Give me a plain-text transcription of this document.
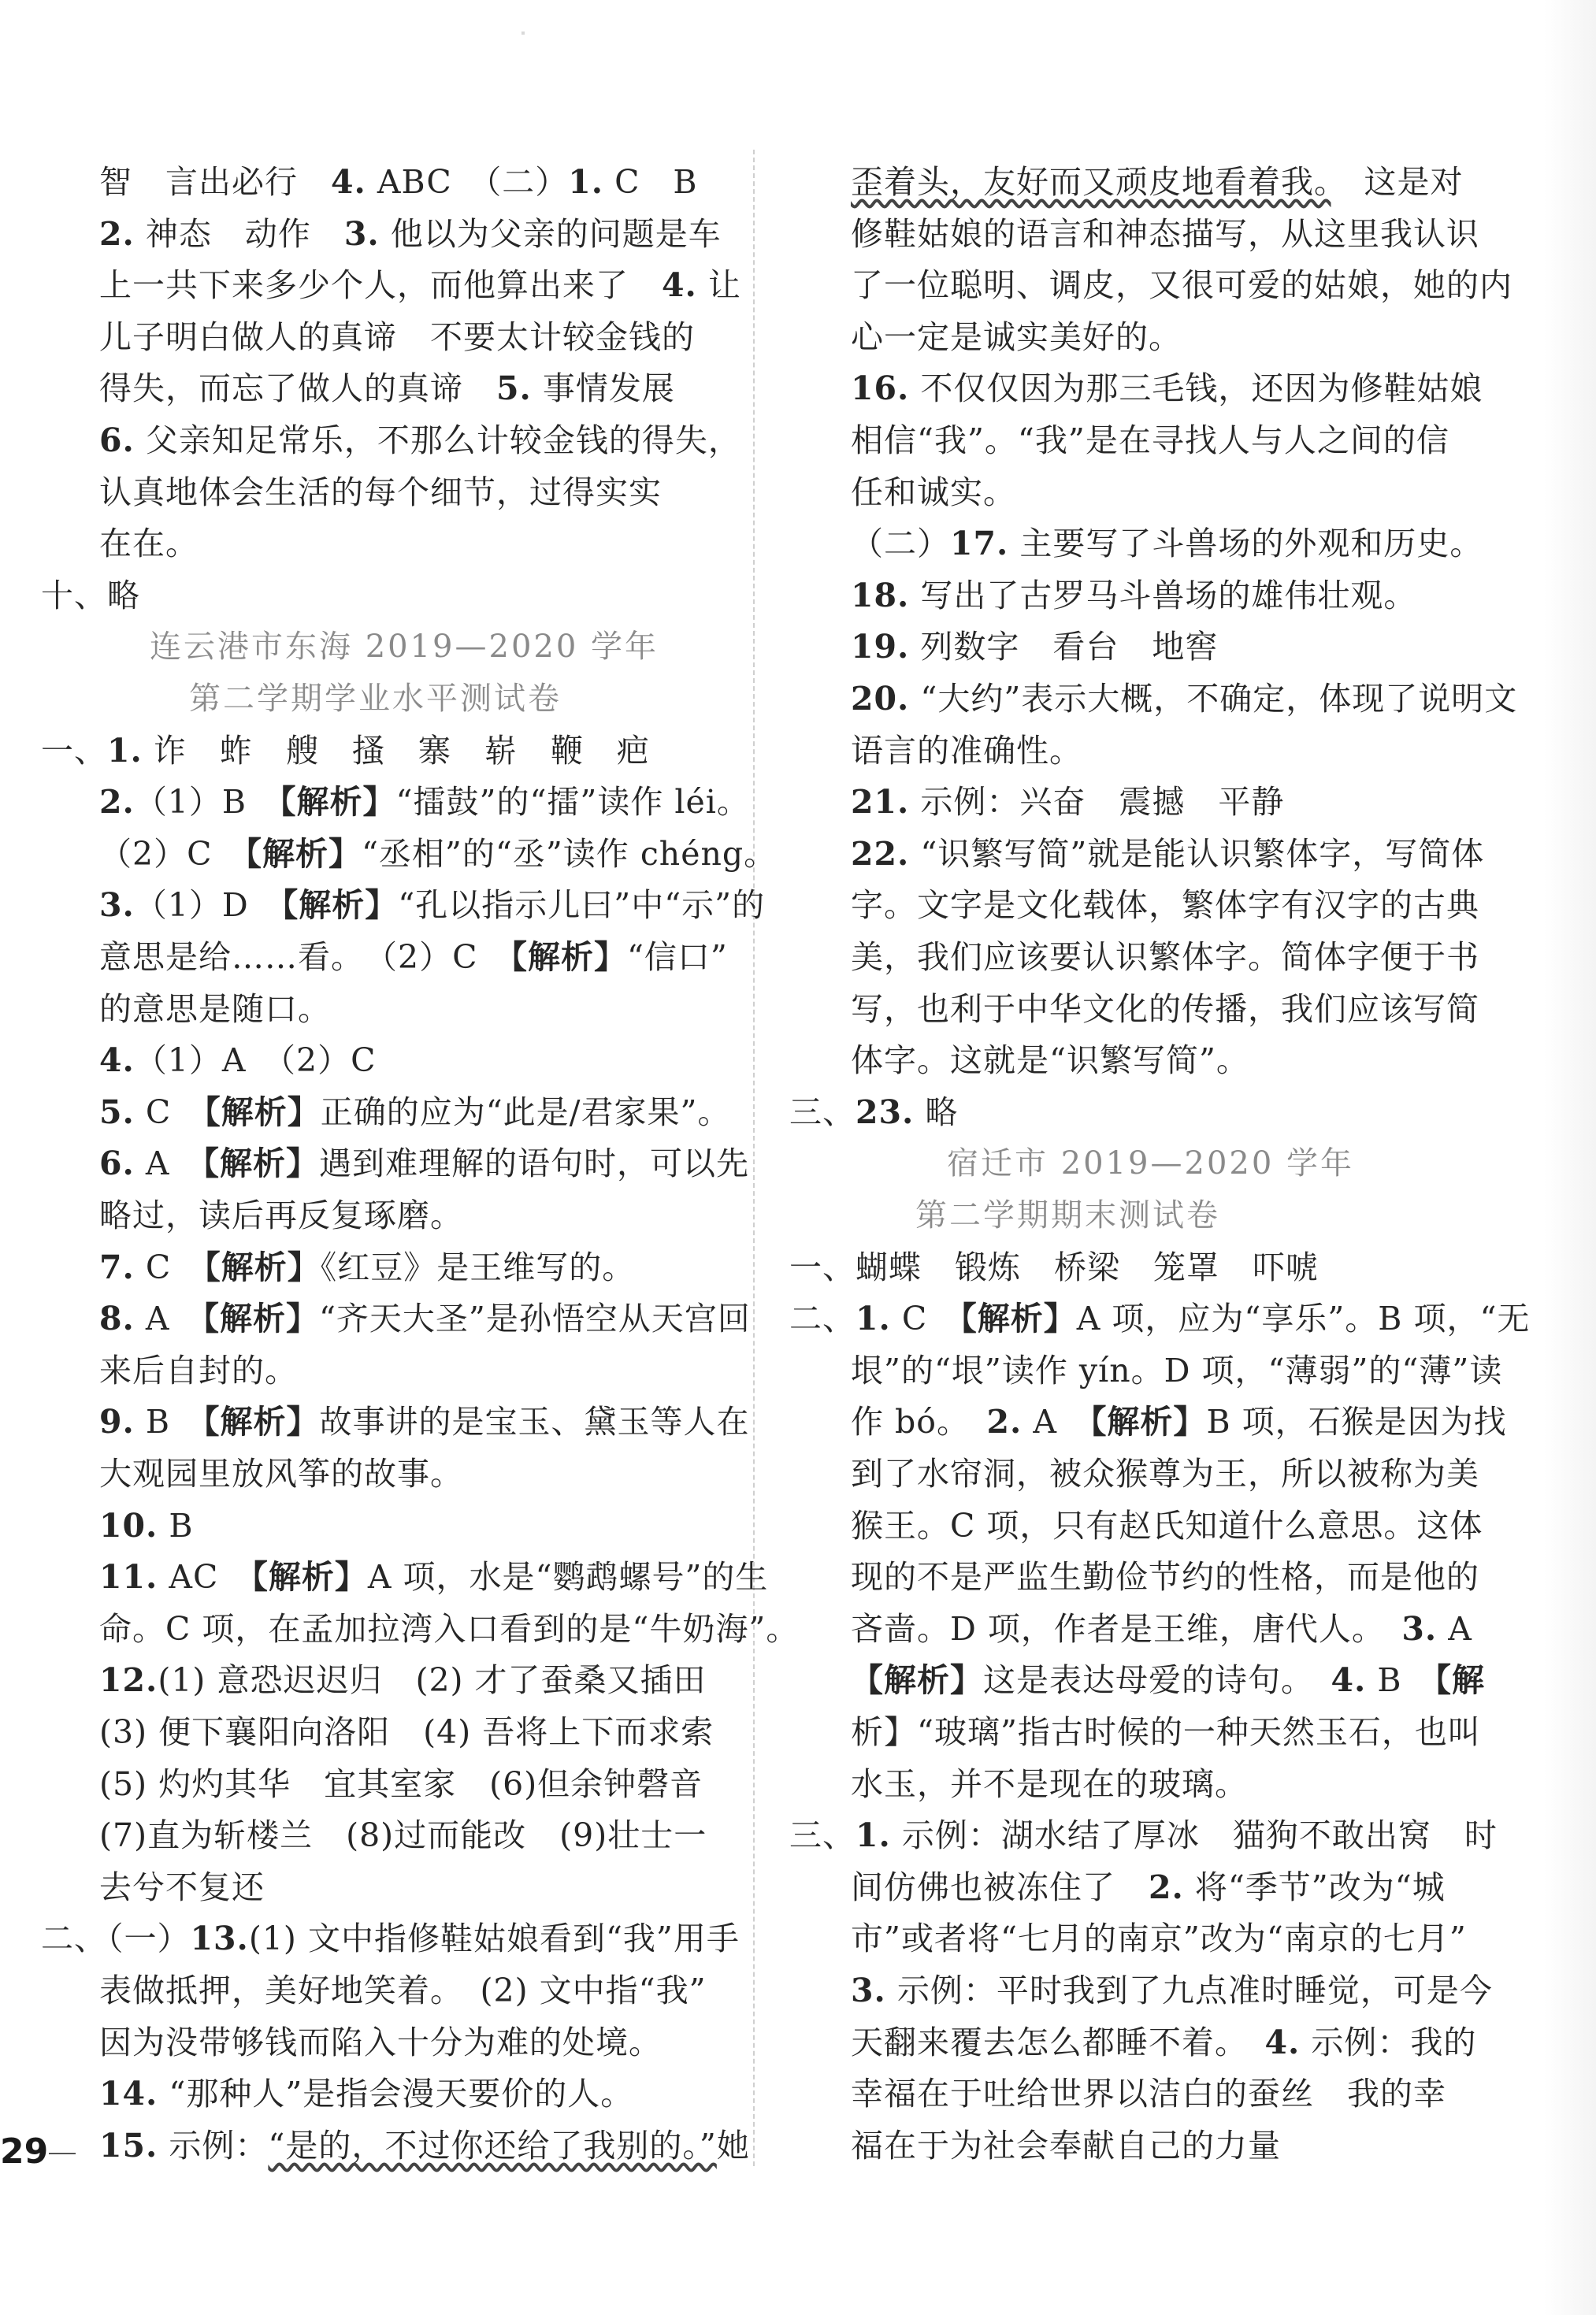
智　言出必行　4. ABC　（二）1. C　B
2. 神态　动作　3. 他以为父亲的问题是车
上一共下来多少个人，而他算出来了　4. 让
儿子明白做人的真谛　不要太计较金钱的
得失，而忘了做人的真谛　5. 事情发展
6. 父亲知足常乐，不那么计较金钱的得失，
认真地体会生活的每个细节，过得实实
在在。
十、略
连云港市东海 2019—2020 学年
第二学期学业水平测试卷
一、1. 诈　蚱　艘　搔　寨　崭　鞭　疤
2.（1）B　【解析】“擂鼓”的“擂”读作 léi。
（2）C　【解析】“丞相”的“丞”读作 chéng。
3.（1）D　【解析】“孔以指示儿曰”中“示”的
意思是给……看。　（2）C　【解析】“信口”
的意思是随口。
4.（1）A　（2）C
5. C　【解析】正确的应为“此是/君家果”。
6. A　【解析】遇到难理解的语句时，可以先
略过，读后再反复琢磨。
7. C　【解析】《红豆》是王维写的。
8. A　【解析】“齐天大圣”是孙悟空从天宫回
来后自封的。
9. B　【解析】故事讲的是宝玉、黛玉等人在
大观园里放风筝的故事。
10. B
11. AC　【解析】A 项，水是“鹦鹉螺号”的生
命。C 项，在孟加拉湾入口看到的是“牛奶海”。
12.(1) 意恐迟迟归　(2) 才了蚕桑又插田
(3) 便下襄阳向洛阳　(4) 吾将上下而求索
(5) 灼灼其华　宜其室家　(6)但余钟磬音
(7)直为斩楼兰　(8)过而能改　(9)壮士一
去兮不复还
二、（一）13.(1) 文中指修鞋姑娘看到“我”用手
表做抵押，美好地笑着。　(2) 文中指“我”
因为没带够钱而陷入十分为难的处境。
14. “那种人”是指会漫天要价的人。
15. 示例：“是的，不过你还给了我别的。”她
歪着头，友好而又顽皮地看着我。　这是对
修鞋姑娘的语言和神态描写，从这里我认识
了一位聪明、调皮，又很可爱的姑娘，她的内
心一定是诚实美好的。
16. 不仅仅因为那三毛钱，还因为修鞋姑娘
相信“我”。“我”是在寻找人与人之间的信
任和诚实。
（二）17. 主要写了斗兽场的外观和历史。
18. 写出了古罗马斗兽场的雄伟壮观。
19. 列数字　看台　地窖
20. “大约”表示大概，不确定，体现了说明文
语言的准确性。
21. 示例：兴奋　震撼　平静
22. “识繁写简”就是能认识繁体字，写简体
字。文字是文化载体，繁体字有汉字的古典
美，我们应该要认识繁体字。简体字便于书
写，也利于中华文化的传播，我们应该写简
体字。这就是“识繁写简”。
三、23. 略
宿迁市 2019—2020 学年
第二学期期末测试卷
一、蝴蝶　锻炼　桥梁　笼罩　吓唬
二、1. C　【解析】A 项，应为“享乐”。B 项，“无
垠”的“垠”读作 yín。D 项，“薄弱”的“薄”读
作 bó。　2. A　【解析】B 项，石猴是因为找
到了水帘洞，被众猴尊为王，所以被称为美
猴王。C 项，只有赵氏知道什么意思。这体
现的不是严监生勤俭节约的性格，而是他的
吝啬。D 项，作者是王维，唐代人。　3. A
【解析】这是表达母爱的诗句。　4. B　【解
析】“玻璃”指古时候的一种天然玉石，也叫
水玉，并不是现在的玻璃。
三、1. 示例：湖水结了厚冰　猫狗不敢出窝　时
间仿佛也被冻住了　2. 将“季节”改为“城
市”或者将“七月的南京”改为“南京的七月”
3. 示例：平时我到了九点准时睡觉，可是今
天翻来覆去怎么都睡不着。　4. 示例：我的
幸福在于吐给世界以洁白的蚕丝　我的幸
福在于为社会奉献自己的力量
29
